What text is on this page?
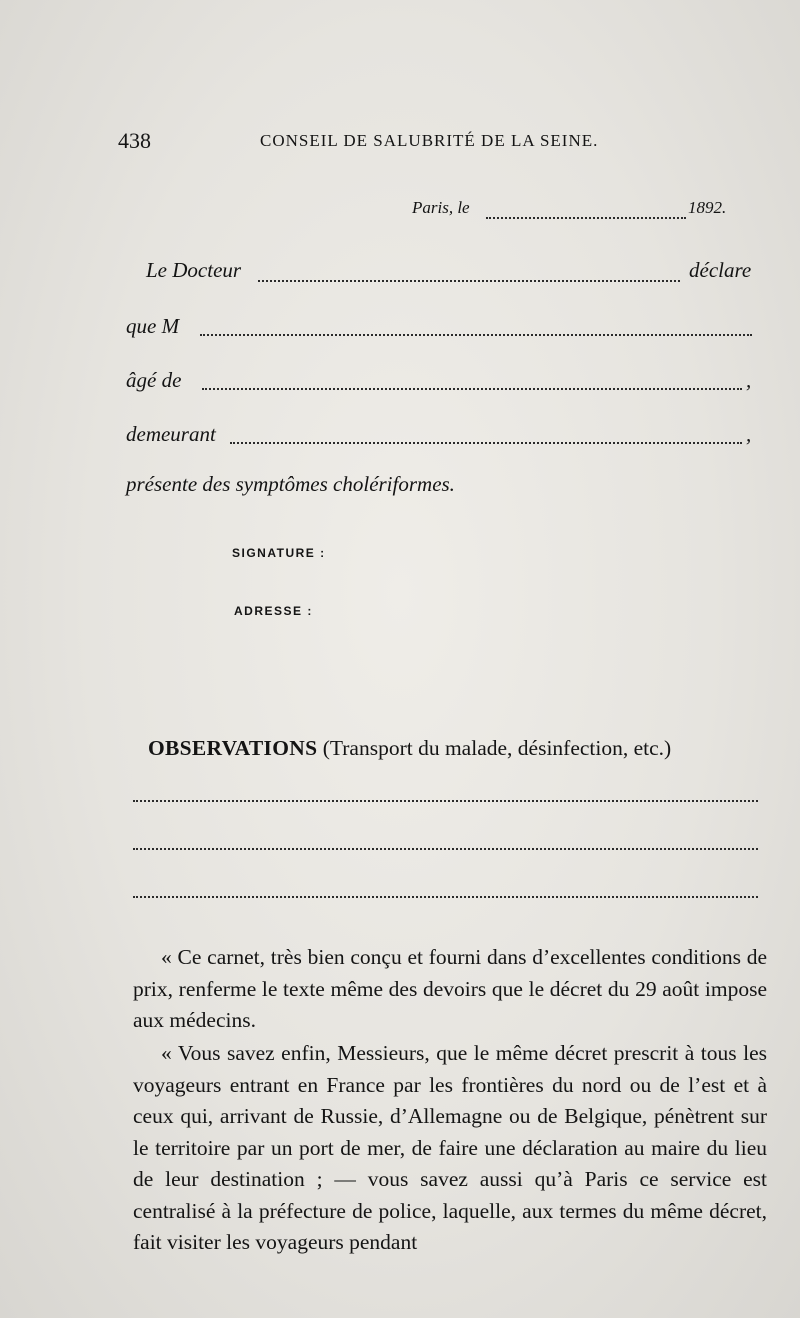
438	CONSEIL DE SALUBRITÉ DE LA SEINE.
Paris, le	1892.
Le Docteur	déclare
que M
âgé de	,
demeurant	,
présente des symptômes cholériformes.
SIGNATURE :
ADRESSE :
OBSERVATIONS (Transport du malade, désinfection, etc.)
« Ce carnet, très bien conçu et fourni dans d’excellentes conditions de prix, renferme le texte même des devoirs que le décret du 29 août impose aux médecins.
« Vous savez enfin, Messieurs, que le même décret prescrit à tous les voyageurs entrant en France par les frontières du nord ou de l’est et à ceux qui, arrivant de Russie, d’Allemagne ou de Belgique, pénètrent sur le territoire par un port de mer, de faire une déclaration au maire du lieu de leur destination ; — vous savez aussi qu’à Paris ce service est centralisé à la préfecture de police, laquelle, aux termes du même décret, fait visiter les voyageurs pendant
